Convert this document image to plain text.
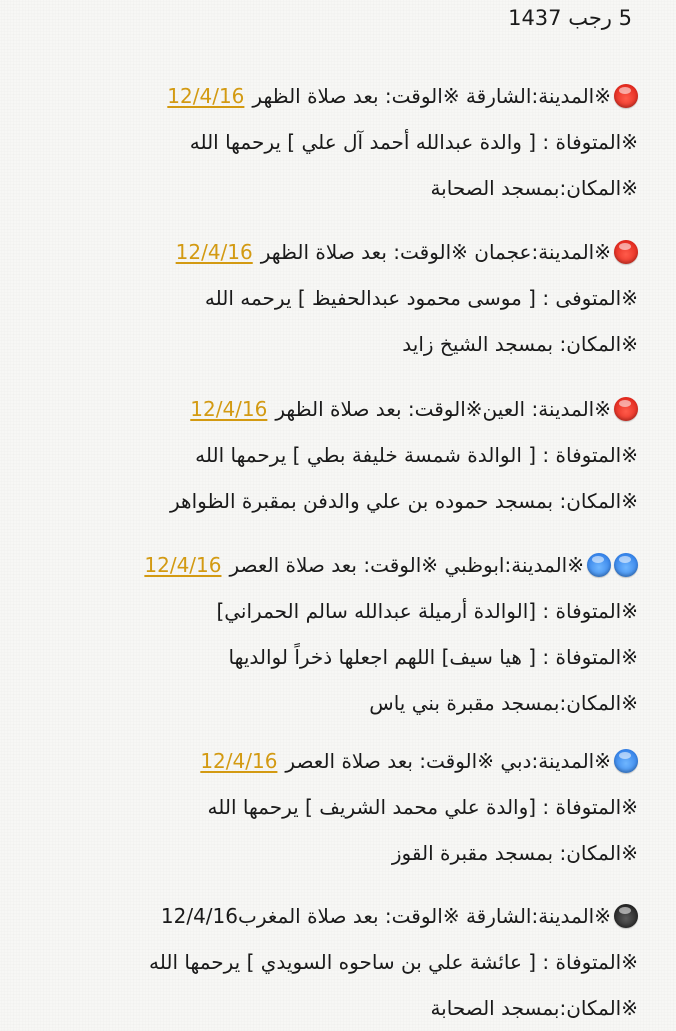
5 رجب 1437
※المدينة:الشارقة ※الوقت: بعد صلاة الظهر12/4/16
※المتوفاة : [ والدة عبدالله أحمد آل علي ] يرحمها الله
※المكان:بمسجد الصحابة
※المدينة:عجمان ※الوقت: بعد صلاة الظهر12/4/16
※المتوفى : [ موسى محمود عبدالحفيظ ] يرحمه الله
※المكان: بمسجد الشيخ زايد
※المدينة: العين※الوقت: بعد صلاة الظهر12/4/16
※المتوفاة : [ الوالدة شمسة خليفة بطي ] يرحمها الله
※المكان: بمسجد حموده بن علي والدفن بمقبرة الظواهر
※المدينة:ابوظبي ※الوقت: بعد صلاة العصر12/4/16
※المتوفاة : [الوالدة أرميلة عبدالله سالم الحمراني]
※المتوفاة : [ هيا سيف] اللهم اجعلها ذخراً لوالديها
※المكان:بمسجد مقبرة بني ياس
※المدينة:دبي ※الوقت: بعد صلاة العصر12/4/16
※المتوفاة : [والدة علي محمد الشريف ] يرحمها الله
※المكان: بمسجد مقبرة القوز
※المدينة:الشارقة ※الوقت: بعد صلاة المغرب12/4/16
※المتوفاة : [ عائشة علي بن ساحوه السويدي ] يرحمها الله
※المكان:بمسجد الصحابة
